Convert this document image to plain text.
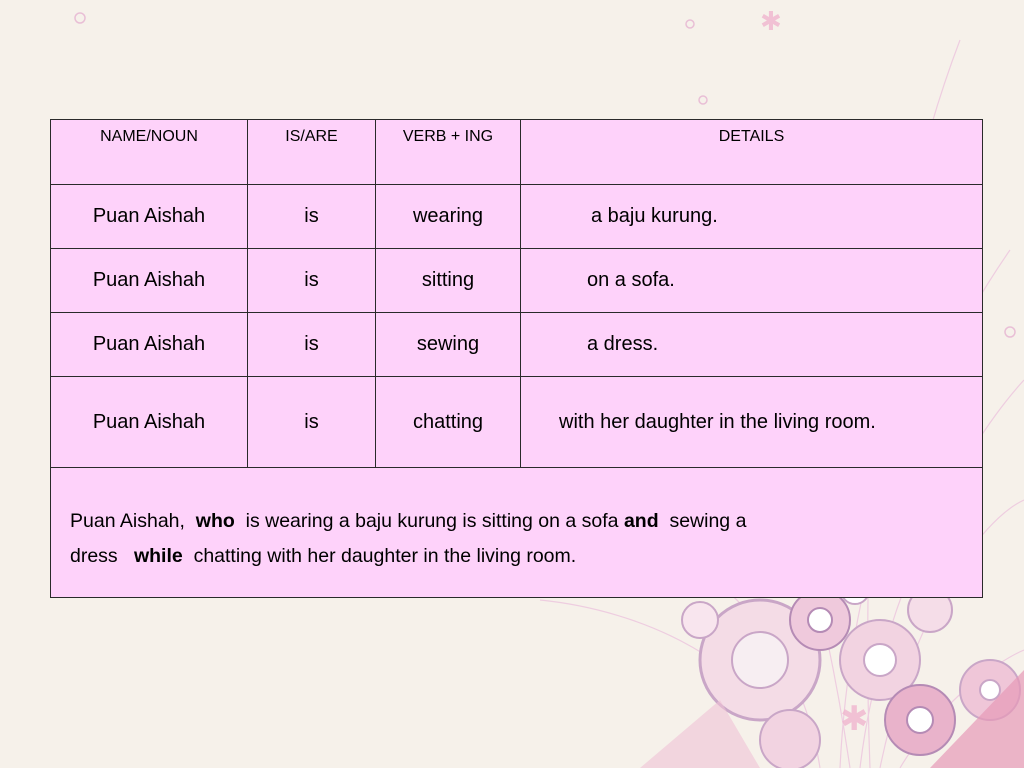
✱
✱
NAME/NOUN	IS/ARE	VERB + ING	DETAILS
Puan Aishah	is	wearing	a baju kurung.
Puan Aishah	is	sitting	on a sofa.
Puan Aishah	is	sewing	a dress.
Puan Aishah	is	chatting	with her daughter in the living room.
Puan Aishah, who is wearing a baju kurung is sitting on a sofa and sewing a
dress while chatting with her daughter in the living room.			
